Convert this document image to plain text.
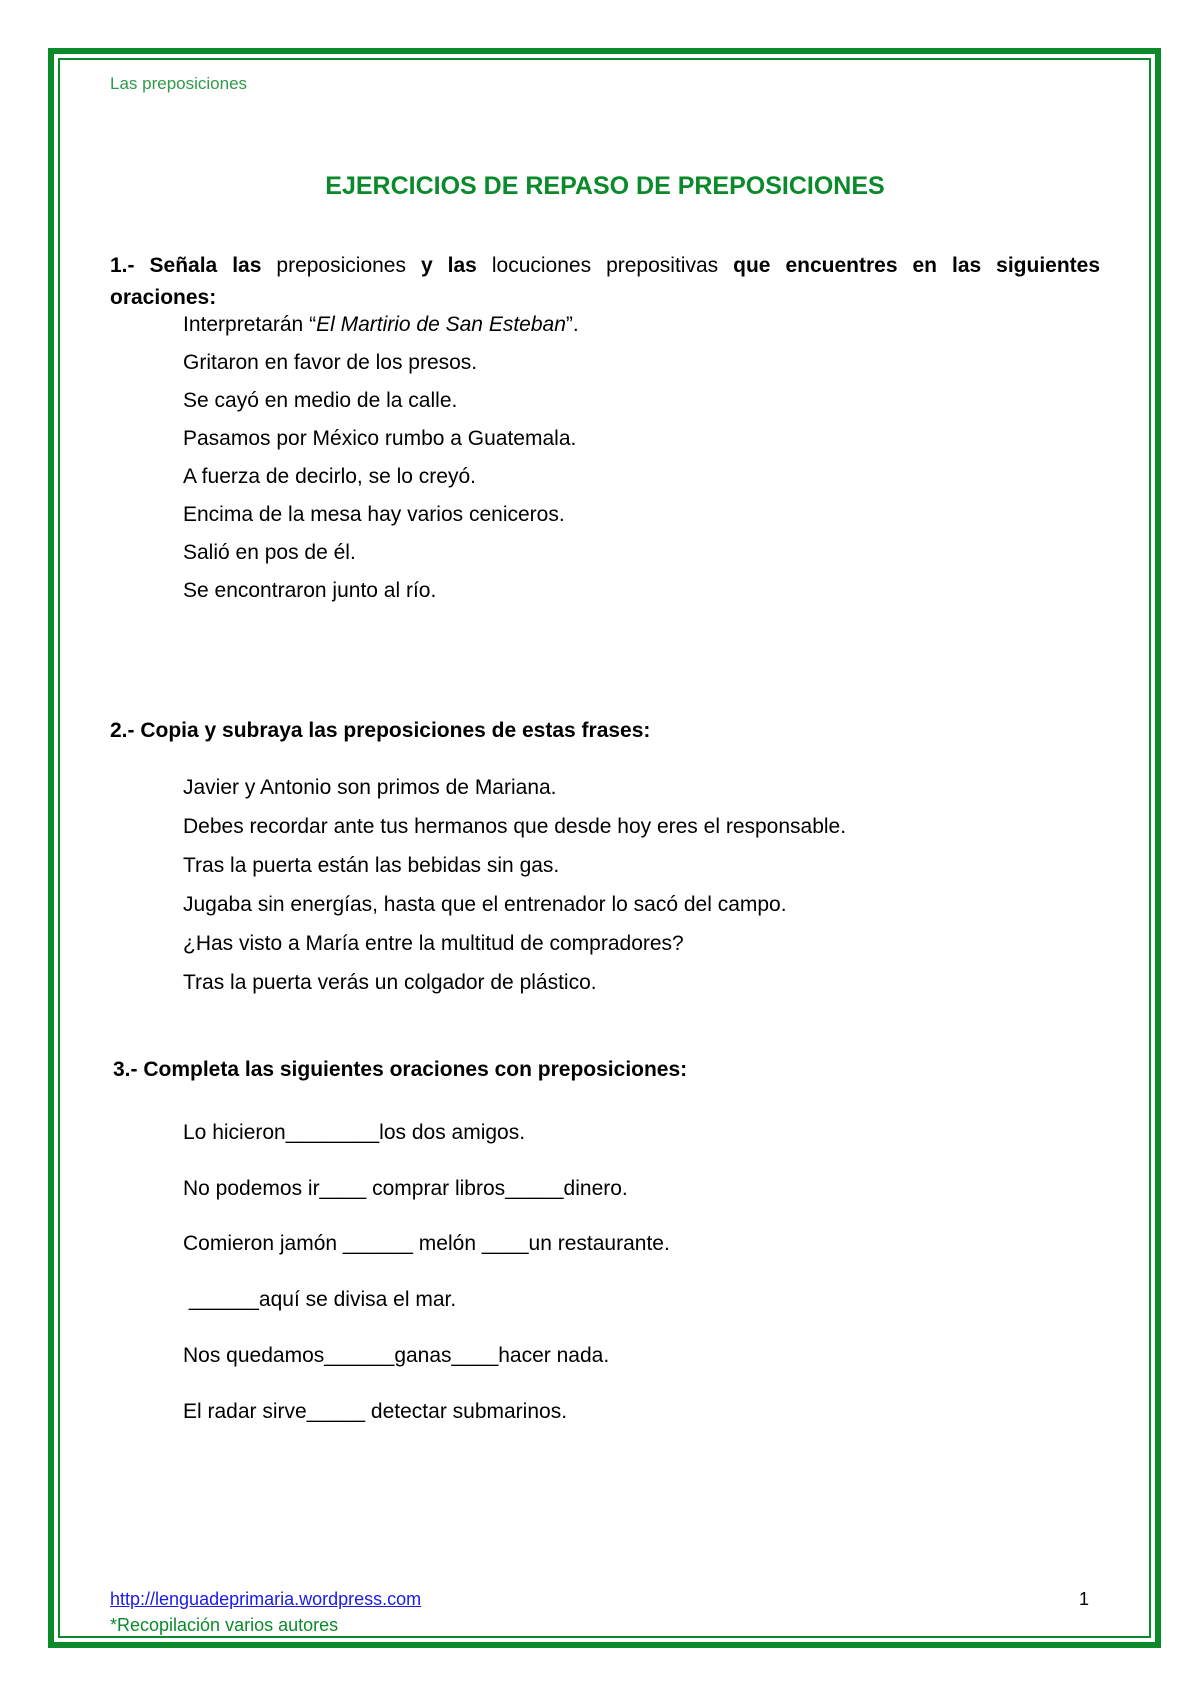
Las preposiciones
EJERCICIOS DE REPASO DE PREPOSICIONES
1.- Señala las preposiciones y las locuciones prepositivas que encuentres en las siguientes oraciones:
Interpretarán “El Martirio de San Esteban”.
Gritaron en favor de los presos.
Se cayó en medio de la calle.
Pasamos por México rumbo a Guatemala.
A fuerza de decirlo, se lo creyó.
Encima de la mesa hay varios ceniceros.
Salió en pos de él.
Se encontraron junto al río.
2.- Copia y subraya las preposiciones de estas frases:
Javier y Antonio son primos de Mariana.
Debes recordar ante tus hermanos que desde hoy eres el responsable.
Tras la puerta están las bebidas sin gas.
Jugaba sin energías, hasta que el entrenador lo sacó del campo.
¿Has visto a María entre la multitud de compradores?
Tras la puerta verás un colgador de plástico.
3.- Completa las siguientes oraciones con preposiciones:
Lo hicieron________los dos amigos.
No podemos ir____ comprar libros_____dinero.
Comieron jamón ______ melón ____un restaurante.
______aquí se divisa el mar.
Nos quedamos______ganas____hacer nada.
El radar sirve_____ detectar submarinos.
http://lenguadeprimaria.wordpress.com
*Recopilación varios autores
1
